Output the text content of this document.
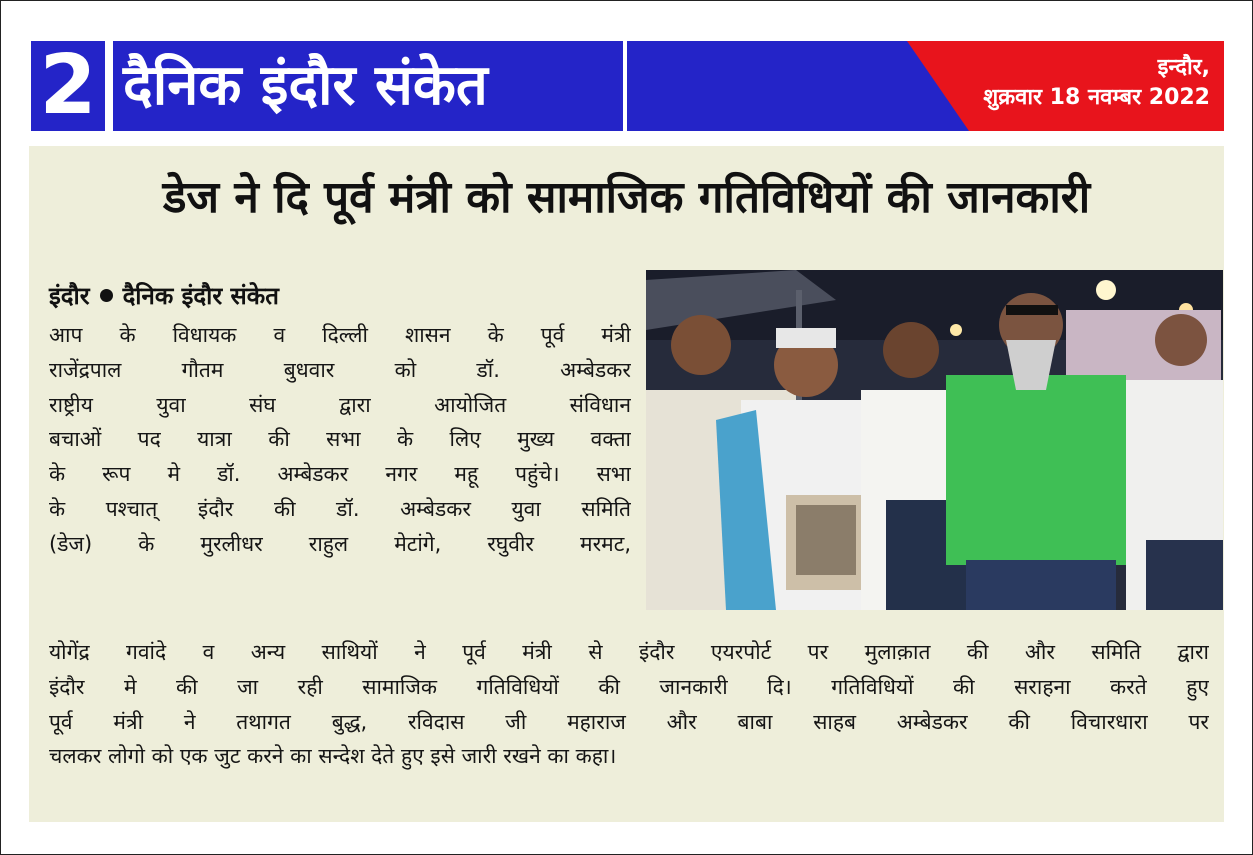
2 दैनिक इंदौर संकेत	इन्दौर,
शुक्रवार 18 नवम्बर 2022
डेज ने दि पूर्व मंत्री को सामाजिक गतिविधियों की जानकारी
इंदौर दैनिक इंदौर संकेत
आप के विधायक व दिल्ली शासन के पूर्व मंत्री
राजेंद्रपाल गौतम बुधवार को डॉ. अम्बेडकर
राष्ट्रीय युवा संघ द्वारा आयोजित संविधान
बचाओं पद यात्रा की सभा के लिए मुख्य वक्ता
के रूप मे डॉ. अम्बेडकर नगर महू पहुंचे। सभा
के पश्चात् इंदौर की डॉ. अम्बेडकर युवा समिति
(डेज) के मुरलीधर राहुल मेटांगे, रघुवीर मरमट,
योगेंद्र गवांदे व अन्य साथियों ने पूर्व मंत्री से इंदौर एयरपोर्ट पर मुलाक़ात की और समिति द्वारा
इंदौर मे की जा रही सामाजिक गतिविधियों की जानकारी दि। गतिविधियों की सराहना करते हुए
पूर्व मंत्री ने तथागत बुद्ध, रविदास जी महाराज और बाबा साहब अम्बेडकर की विचारधारा पर
चलकर लोगो को एक जुट करने का सन्देश देते हुए इसे जारी रखने का कहा।
